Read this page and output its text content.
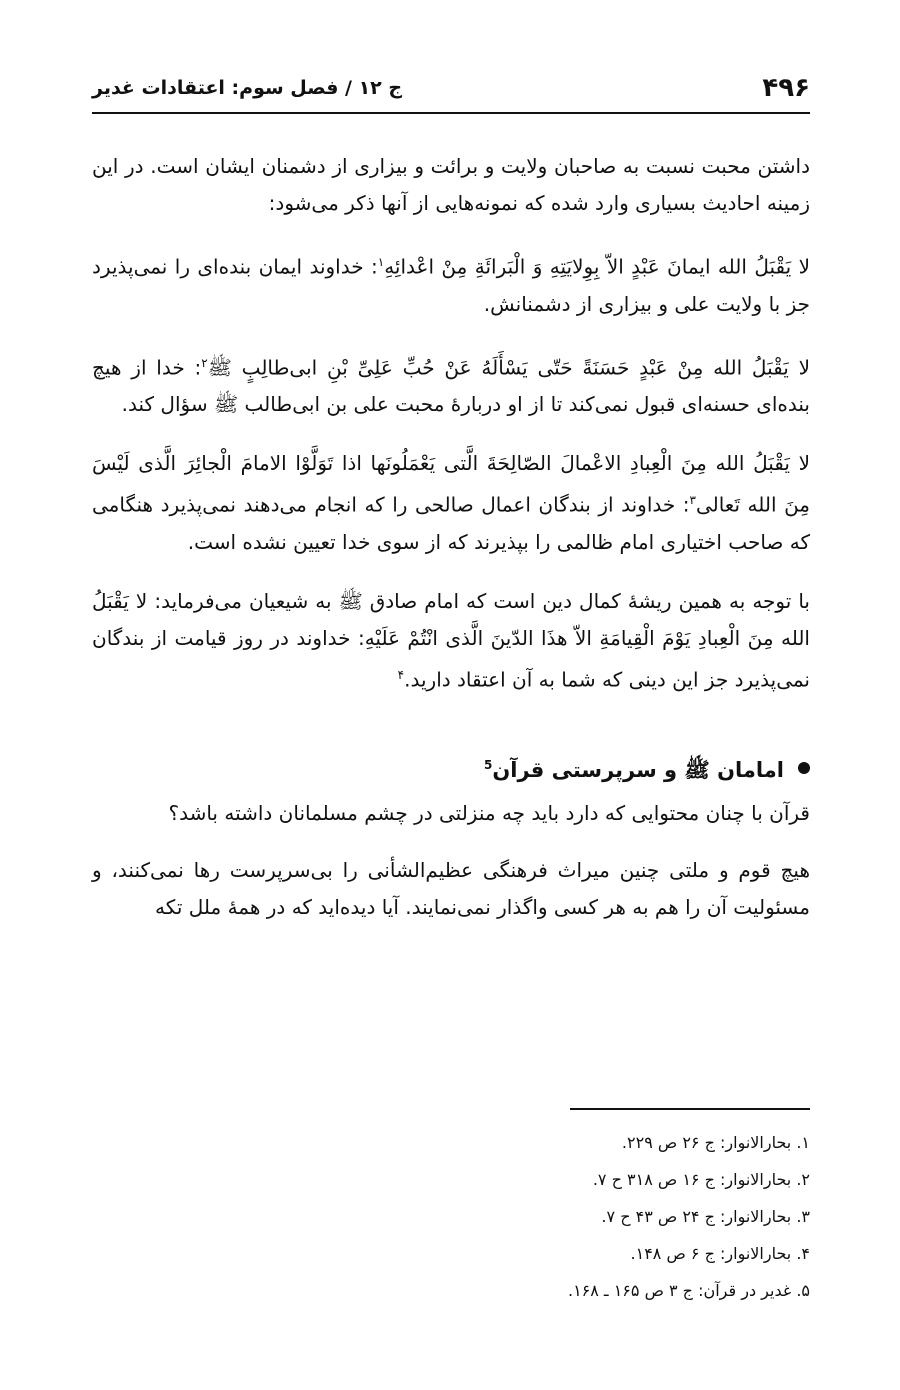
۴۹۶
ج ۱۲ / فصل سوم: اعتقادات غدیر

داشتن محبت نسبت به صاحبان ولایت و برائت و بیزاری از دشمنان ایشان است. در این زمینه احادیث بسیاری وارد شده که نمونه‌هایی از آنها ذکر می‌شود:

لا یَقْبَلُ الله ایمانَ عَبْدٍ الاّ بِوِلایَتِهِ وَ الْبَرائَةِ مِنْ اعْدائِهِ$^۱$: خداوند ایمان بنده‌ای را نمی‌پذیرد جز با ولایت علی و بیزاری از دشمنانش.

لا یَقْبَلُ الله مِنْ عَبْدٍ حَسَنَةً حَتّی یَسْأَلَهُ عَنْ حُبِّ عَلِیِّ بْنِ ابی‌طالِبٍ ﷺ$^۲$: خدا از هیچ بنده‌ای حسنه‌ای قبول نمی‌کند تا از او دربارهٔ محبت علی بن ابی‌طالب ﷺ سؤال کند.

لا یَقْبَلُ الله مِنَ الْعِبادِ الاعْمالَ الصّالِحَةَ الَّتی یَعْمَلُونَها اذا تَوَلَّوْا الامامَ الْجائِرَ الَّذی لَیْسَ مِنَ الله تَعالی$^۳$: خداوند از بندگان اعمال صالحی را که انجام می‌دهند نمی‌پذیرد هنگامی که صاحب اختیاری امام ظالمی را بپذیرند که از سوی خدا تعیین نشده است.

با توجه به همین ریشهٔ کمال دین است که امام صادق ﷺ به شیعیان می‌فرماید: لا یَقْبَلُ الله مِنَ الْعِبادِ یَوْمَ الْقِیامَةِ الاّ هذَا الدّینَ الَّذی انْتُمْ عَلَیْهِ: خداوند در روز قیامت از بندگان نمی‌پذیرد جز این دینی که شما به آن اعتقاد دارید.$^۴$

امامان ﷺ و سرپرستی قرآن$^5$

قرآن با چنان محتوایی که دارد باید چه منزلتی در چشم مسلمانان داشته باشد؟

هیچ قوم و ملتی چنین میراث فرهنگی عظیم‌الشأنی را بی‌سرپرست رها نمی‌کنند، و مسئولیت آن را هم به هر کسی واگذار نمی‌نمایند. آیا دیده‌اید که در همهٔ ملل تکه

۱. بحارالانوار: ج ۲۶ ص ۲۲۹.
۲. بحارالانوار: ج ۱۶ ص ۳۱۸ ح ۷.
۳. بحارالانوار: ج ۲۴ ص ۴۳ ح ۷.
۴. بحارالانوار: ج ۶ ص ۱۴۸.
۵. غدیر در قرآن: ج ۳ ص ۱۶۵ ـ ۱۶۸.
